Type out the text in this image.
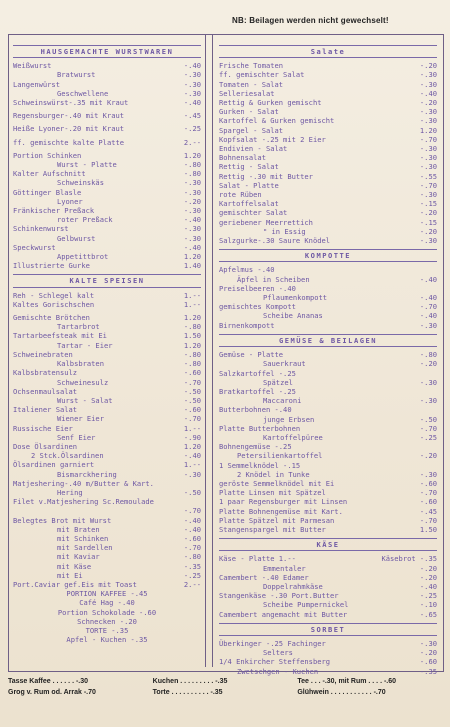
NB: Beilagen werden nicht gewechselt!
HAUSGEMACHTE WURSTWAREN
Weißwurst	-.40
Bratwurst	-.30
Langenwürst	-.30
Geschwellene	-.30
Schweinswürst-.35 mit Kraut	-.40
Regensburger-.40 mit Kraut	-.45
Heiße Lyoner-.20 mit Kraut	-.25
ff. gemischte kalte Platte	2.--
Portion Schinken	1.20
Wurst - Platte	-.80
Kalter Aufschnitt	-.80
Schweinskäs	-.30
Göttinger Blasle	-.30
Lyoner	-.20
Fränkischer Preßack	-.30
roter Preßack	-.40
Schinkenwurst	-.30
Gelbwurst	-.30
Speckwurst	-.40
Appetittbrot	1.20
Illustrierte Gurke	1.40
KALTE SPEISEN
Reh - Schlegel kalt	1.--
Kaltes Gorischschen	1.--
Gemischte Brötchen	1.20
Tartarbrot	-.80
Tartarbeefsteak mit Ei	1.50
Tartar - Eier	1.20
Schweinebraten	-.80
Kalbsbraten	-.80
Kalbsbratensulz	-.60
Schweinesulz	-.70
Ochsenmaulsalat	-.50
Wurst - Salat	-.50
Italiener Salat	-.60
Wiener Eier	-.70
Russische Eier	1.--
Senf Eier	-.90
Dose Ölsardinen	1.20
2 Stck.Ölsardinen	-.40
Ölsardinen garniert	1.--
Bismarckhering	-.30
Matjeshering-.40 m/Butter & Kart.
Hering	-.50
Filet v.Matjeshering Sc.Remoulade
-.70
Belegtes Brot mit Wurst	-.40
mit Braten	-.40
mit Schinken	-.60
mit Sardellen	-.70
mit Kaviar	-.80
mit Käse	-.35
mit Ei	-.25
Port.Caviar gef.Eis mit Toast	2.--
PORTION KAFFEE -.45
Café Hag -.40
Portion Schokolade -.60
Schnecken -.20
TORTE -.35
Apfel - Kuchen -.35
Salate
Frische Tomaten	-.20
ff. gemischter Salat	-.30
Tomaten - Salat	-.30
Selleriesalat	-.40
Rettig & Gurken gemischt	-.20
Gurken - Salat	-.30
Kartoffel & Gurken gemischt	-.30
Spargel - Salat	1.20
Kopfsalat -.25 mit 2 Eier	-.70
Endivien - Salat	-.30
Bohnensalat	-.30
Rettig - Salat	-.30
Rettig -.30 mit Butter	-.55
Salat - Platte	-.70
rote Rüben	-.30
Kartoffelsalat	-.15
gemischter Salat	-.20
geriebener Meerrettich	-.15
" in Essig	-.20
Salzgurke-.30 Saure Knödel	-.30
KOMPOTTE
Apfelmus -.40
Äpfel in Scheiben	-.40
Preiselbeeren -.40
Pflaumenkompott	-.40
gemischtes Kompott	-.70
Scheibe Ananas	-.40
Birnenkompott	-.30
GEMÜSE & BEILAGEN
Gemüse - Platte	-.80
Sauerkraut	-.20
Salzkartoffel -.25
Spätzel	-.30
Bratkartoffel -.25
Maccaroni	-.30
Butterbohnen -.40
junge Erbsen	-.50
Platte Butterbohnen	-.70
Kartoffelpüree	-.25
Bohnengemüse -.25
Petersilienkartoffel	-.20
1 Semmelknödel -.15
2 Knödel in Tunke	-.30
geröste Semmelknödel mit Ei	-.60
Platte Linsen mit Spätzel	-.70
1 paar Regensburger mit Linsen	-.60
Platte Bohnengemüse mit Kart.	-.45
Platte Spätzel mit Parmesan	-.70
Stangenspargel mit Butter	1.50
KÄSE
Käse - Platte 1.--	Käsebrot -.35
Emmentaler	-.20
Camembert -.40 Edamer	-.20
Doppelrahmkäse	-.40
Stangenkäse -.30 Port.Butter	-.25
Scheibe Pumpernickel	-.10
Camembert angemacht mit Butter	-.65
SORBET
Überkinger -.25 Fachinger	-.30
Selters	-.20
1/4 Enkircher Steffensberg	-.60
Zwetschgen - Kuchen	-.35
Tasse Kaffee . . . . . . -.30	Kuchen . . . . . . . . . -.35	Tee . . . -.30, mit Rum . . . . -.60
Grog v. Rum od. Arrak -.70	Torte . . . . . . . . . . -.35	Glühwein . . . . . . . . . . . -.70
